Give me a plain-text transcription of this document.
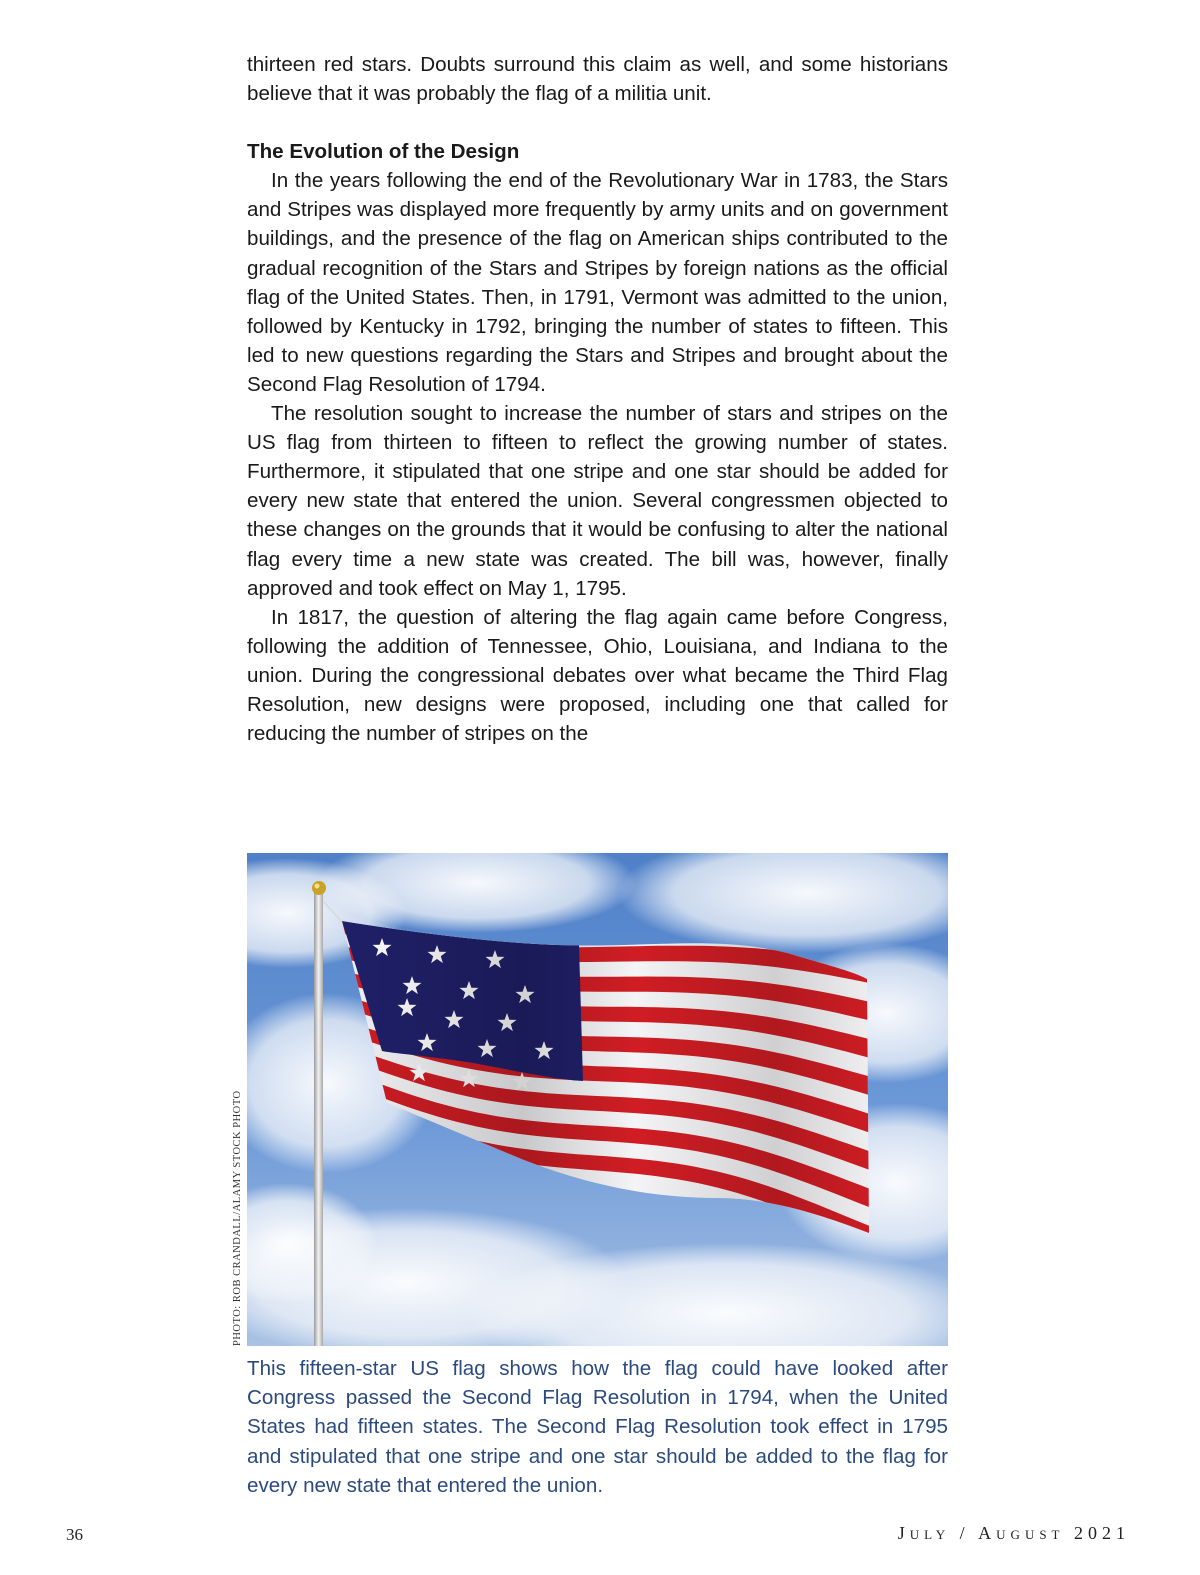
thirteen red stars. Doubts surround this claim as well, and some historians believe that it was probably the flag of a militia unit.

The Evolution of the Design

In the years following the end of the Revolutionary War in 1783, the Stars and Stripes was displayed more frequently by army units and on government buildings, and the presence of the flag on American ships contributed to the gradual recognition of the Stars and Stripes by foreign nations as the official flag of the United States. Then, in 1791, Vermont was admitted to the union, followed by Kentucky in 1792, bringing the number of states to fifteen. This led to new questions regarding the Stars and Stripes and brought about the Second Flag Resolution of 1794.

The resolution sought to increase the number of stars and stripes on the US flag from thirteen to fifteen to reflect the growing number of states. Furthermore, it stipulated that one stripe and one star should be added for every new state that entered the union. Several congressmen objected to these changes on the grounds that it would be confusing to alter the national flag every time a new state was created. The bill was, however, finally approved and took effect on May 1, 1795.

In 1817, the question of altering the flag again came before Congress, following the addition of Tennessee, Ohio, Louisiana, and Indiana to the union. During the congressional debates over what became the Third Flag Resolution, new designs were proposed, including one that called for reducing the number of stripes on the

PHOTO: ROB CRANDALL/ALAMY STOCK PHOTO

This fifteen-star US flag shows how the flag could have looked after Congress passed the Second Flag Resolution in 1794, when the United States had fifteen states. The Second Flag Resolution took effect in 1795 and stipulated that one stripe and one star should be added to the flag for every new state that entered the union.

36	July / August 2021
